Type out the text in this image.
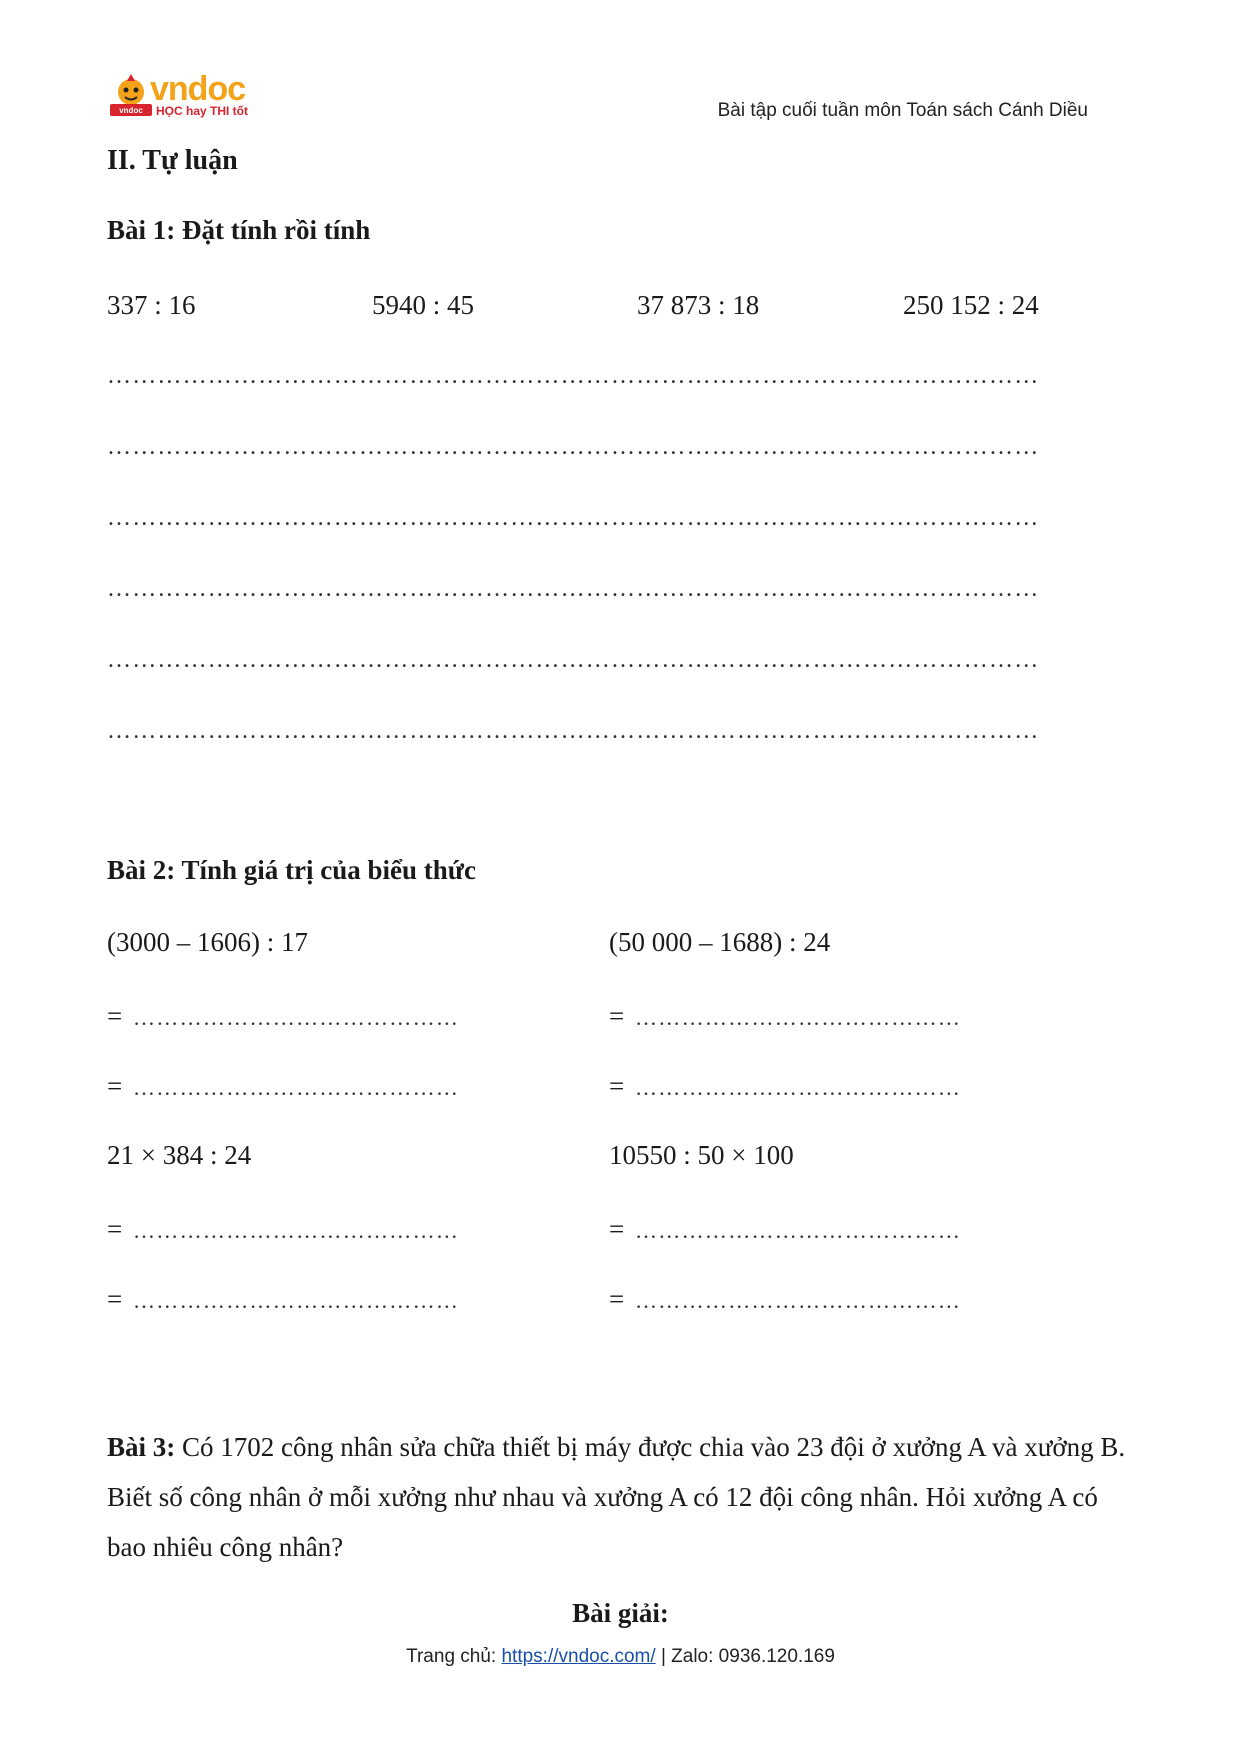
vndoc
vndoc
HỌC hay THI tốt	Bài tập cuối tuần môn Toán sách Cánh Diều
II. Tự luận
Bài 1: Đặt tính rồi tính
337 : 16	5940 : 45	37 873 : 18	250 152 : 24
…………………………………………………………………………………………………
…………………………………………………………………………………………………
…………………………………………………………………………………………………
…………………………………………………………………………………………………
…………………………………………………………………………………………………
…………………………………………………………………………………………………
Bài 2: Tính giá trị của biểu thức
(3000 – 1606) : 17	(50 000 – 1688) : 24
= ……………………………………	= ……………………………………
= ……………………………………	= ……………………………………
21 × 384 : 24	10550 : 50 × 100
= ……………………………………	= ……………………………………
= ……………………………………	= ……………………………………
Bài 3: Có 1702 công nhân sửa chữa thiết bị máy được chia vào 23 đội ở xưởng A và xưởng B. Biết số công nhân ở mỗi xưởng như nhau và xưởng A có 12 đội công nhân. Hỏi xưởng A có bao nhiêu công nhân?
Bài giải:
Trang chủ: https://vndoc.com/ | Zalo: 0936.120.169
